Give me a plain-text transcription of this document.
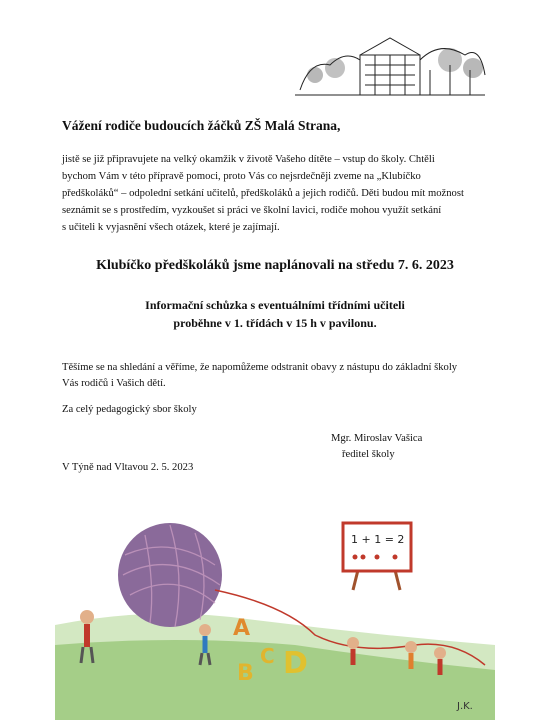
Vážení rodiče budoucích žáčků ZŠ Malá Strana,
jistě se již připravujete na velký okamžik v životě Vašeho dítěte – vstup do školy. Chtěli
bychom Vám v této přípravě pomoci, proto Vás co nejsrdečněji zveme na „Klubíčko
předškoláků“ – odpolední setkání učitelů, předškoláků a jejich rodičů. Děti budou mít možnost
seznámit se s prostředím, vyzkoušet si práci ve školní lavici, rodiče mohou využít setkání
s učiteli k vyjasnění všech otázek, které je zajímají.
Klubíčko předškoláků jsme naplánovali na středu 7. 6. 2023
Informační schůzka s eventuálními třídními učiteli
proběhne v 1. třídách v 15 h v pavilonu.
Těšíme se na shledání a věříme, že napomůžeme odstranit obavy z nástupu do základní školy
Vás rodičů i Vašich dětí.
Za celý pedagogický sbor školy
Mgr. Miroslav Vašica
ředitel školy
V Týně nad Vltavou 2. 5. 2023
1 + 1 = 2
A
B
C D
J.K.
